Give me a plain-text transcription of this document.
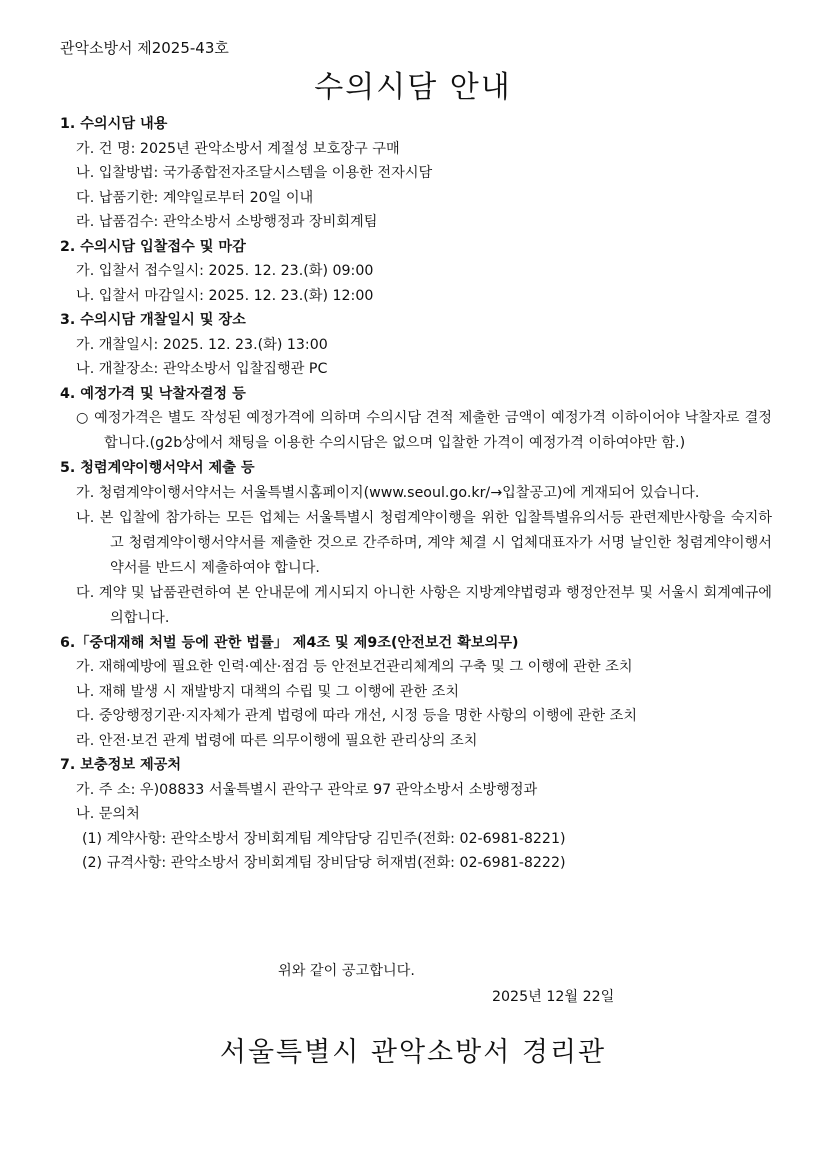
관악소방서 제2025-43호
수의시담 안내
1. 수의시담 내용
가. 건 명: 2025년 관악소방서 계절성 보호장구 구매
나. 입찰방법: 국가종합전자조달시스템을 이용한 전자시담
다. 납품기한: 계약일로부터 20일 이내
라. 납품검수: 관악소방서 소방행정과 장비회계팀
2. 수의시담 입찰접수 및 마감
가. 입찰서 접수일시: 2025. 12. 23.(화) 09:00
나. 입찰서 마감일시: 2025. 12. 23.(화) 12:00
3. 수의시담 개찰일시 및 장소
가. 개찰일시: 2025. 12. 23.(화) 13:00
나. 개찰장소: 관악소방서 입찰집행관 PC
4. 예정가격 및 낙찰자결정 등
○ 예정가격은 별도 작성된 예정가격에 의하며 수의시담 견적 제출한 금액이 예정가격 이하이어야 낙찰자로 결정합니다.(g2b상에서 채팅을 이용한 수의시담은 없으며 입찰한 가격이 예정가격 이하여야만 함.)
5. 청렴계약이행서약서 제출 등
가. 청렴계약이행서약서는 서울특별시홈페이지(www.seoul.go.kr/→입찰공고)에 게재되어 있습니다.
나. 본 입찰에 참가하는 모든 업체는 서울특별시 청렴계약이행을 위한 입찰특별유의서등 관련제반사항을 숙지하고 청렴계약이행서약서를 제출한 것으로 간주하며, 계약 체결 시 업체대표자가 서명 날인한 청렴계약이행서약서를 반드시 제출하여야 합니다.
다. 계약 및 납품관련하여 본 안내문에 게시되지 아니한 사항은 지방계약법령과 행정안전부 및 서울시 회계예규에 의합니다.
6.「중대재해 처벌 등에 관한 법률」 제4조 및 제9조(안전보건 확보의무)
가. 재해예방에 필요한 인력·예산·점검 등 안전보건관리체계의 구축 및 그 이행에 관한 조치
나. 재해 발생 시 재발방지 대책의 수립 및 그 이행에 관한 조치
다. 중앙행정기관·지자체가 관계 법령에 따라 개선, 시정 등을 명한 사항의 이행에 관한 조치
라. 안전·보건 관계 법령에 따른 의무이행에 필요한 관리상의 조치
7. 보충정보 제공처
가. 주 소: 우)08833 서울특별시 관악구 관악로 97 관악소방서 소방행정과
나. 문의처
(1) 계약사항: 관악소방서 장비회계팀 계약담당 김민주(전화: 02-6981-8221)
(2) 규격사항: 관악소방서 장비회계팀 장비담당 허재범(전화: 02-6981-8222)
위와 같이 공고합니다.
2025년 12월 22일
서울특별시 관악소방서 경리관
